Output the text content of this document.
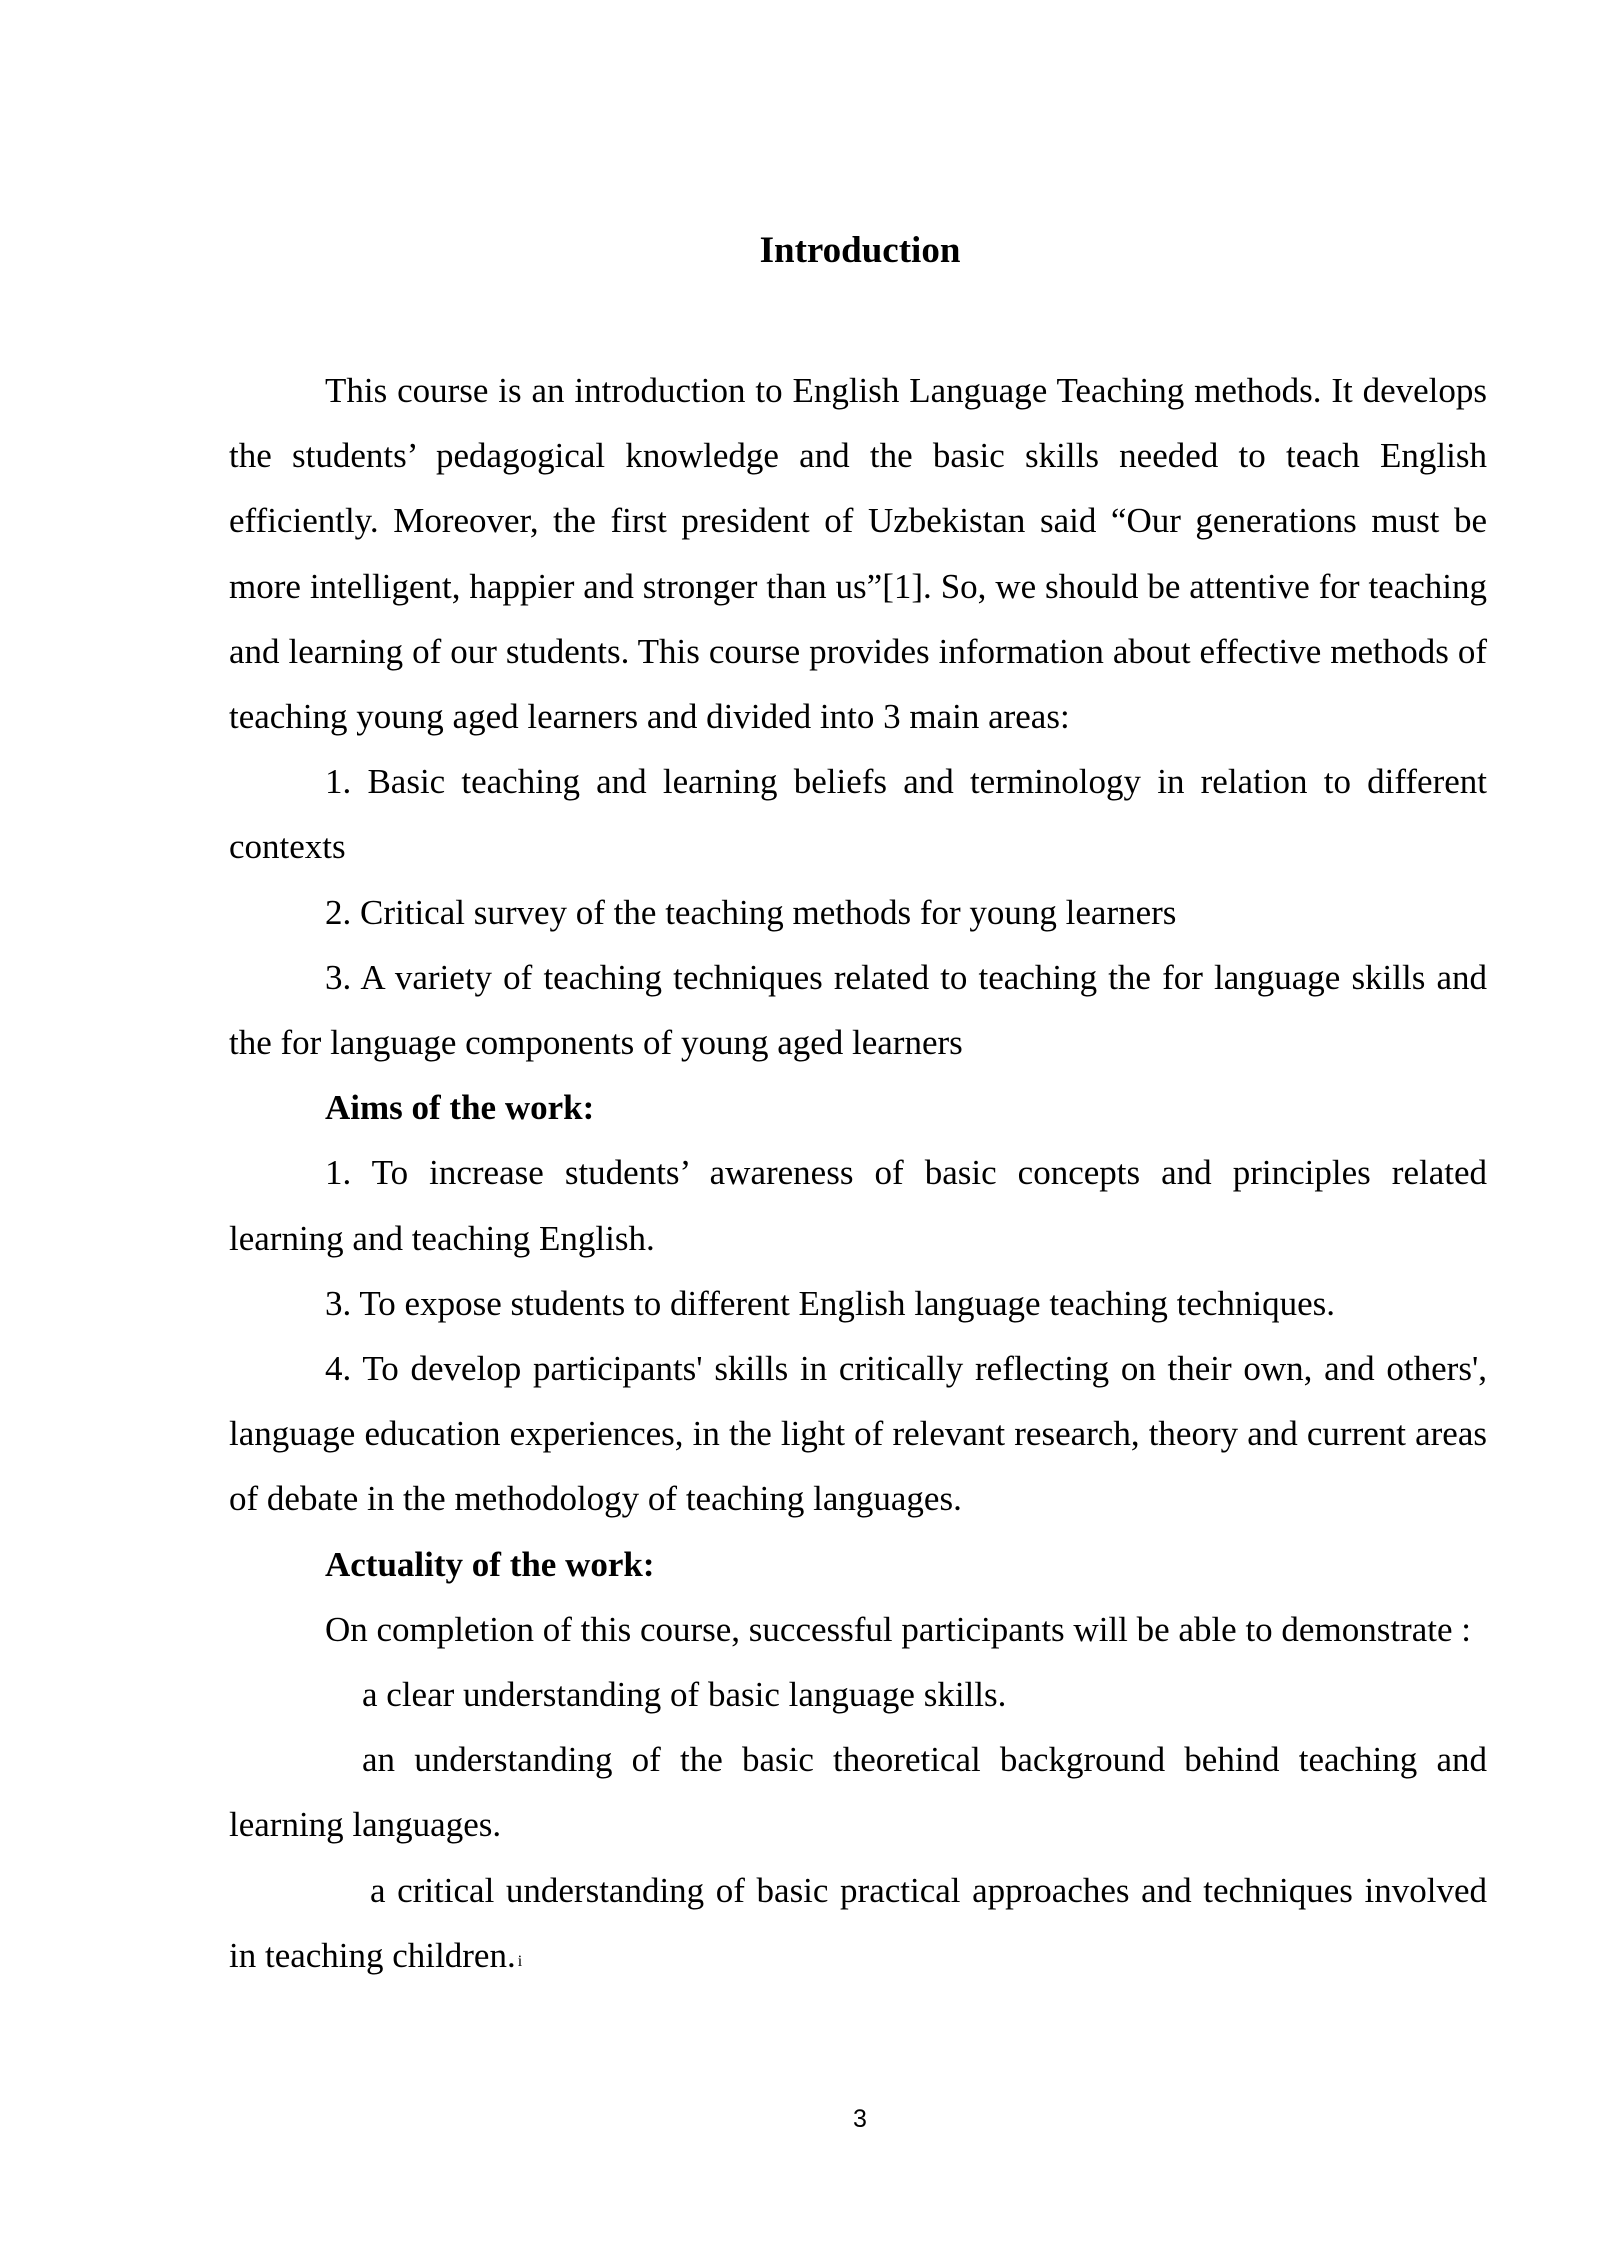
Introduction

This course is an introduction to English Language Teaching methods. It develops the students’ pedagogical knowledge and the basic skills needed to teach English efficiently. Moreover, the first president of Uzbekistan said “Our generations must be more intelligent, happier and stronger than us”[1]. So, we should be attentive for teaching and learning of our students. This course provides information about effective methods of teaching young aged learners and divided into 3 main areas:

1. Basic teaching and learning beliefs and terminology in relation to different contexts

2. Critical survey of the teaching methods for young learners

3. A variety of teaching techniques related to teaching the for language skills and the for language components of young aged learners

Aims of the work:

1. To increase students’ awareness of basic concepts and principles related learning and teaching English.

3. To expose students to different English language teaching techniques.

4. To develop participants' skills in critically reflecting on their own, and others', language education experiences, in the light of relevant research, theory and current areas of debate in the methodology of teaching languages.

Actuality of the work:

On completion of this course, successful participants will be able to demonstrate :

a clear understanding of basic language skills.

an understanding of the basic theoretical background behind teaching and learning languages.

a critical understanding of basic practical approaches and techniques involved in teaching children. $^i$

3
